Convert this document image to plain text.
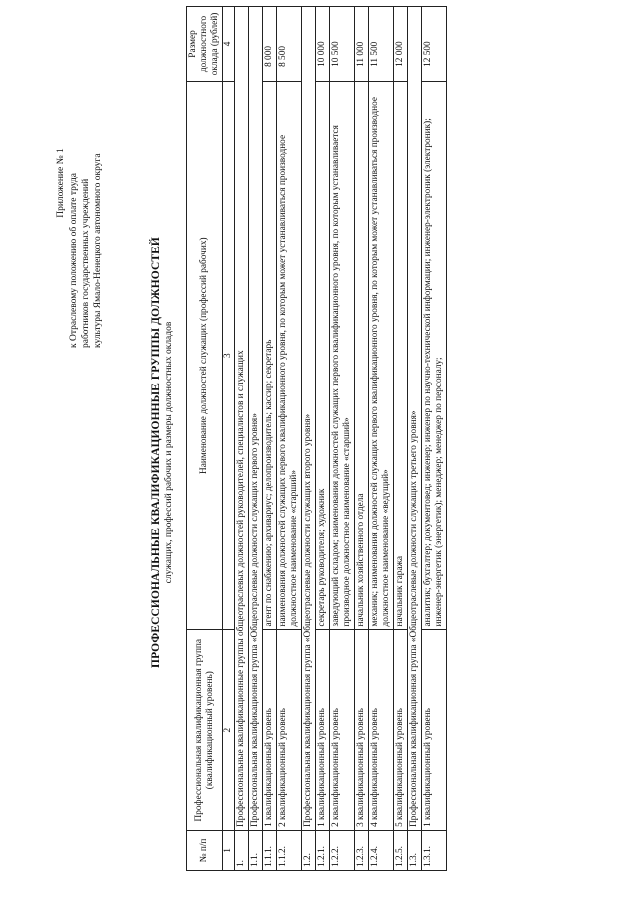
Приложение № 1 к Отраслевому положению об оплате труда работников государственных учреждений культуры Ямало-Ненецкого автономного округа	ПРОФЕССИОНАЛЬНЫЕ КВАЛИФИКАЦИОННЫЕ ГРУППЫ ДОЛЖНОСТЕЙ служащих, профессий рабочих и размеры должностных окладов
№ п/п	Профессиональная квалификационная группа (квалификационный уровень)	Наименование должностей служащих (профессий рабочих)	Размер должностного оклада (рублей)
1	2	3	4
1.	Профессиональные квалификационные группы общеотраслевых должностей руководителей, специалистов и служащих		
1.1.	Профессиональная квалификационная группа «Общеотраслевые должности служащих первого уровня»		
1.1.1.	1 квалификационный уровень	агент по снабжению; архивариус; делопроизводитель; кассир; секретарь	8 000
1.1.2.	2 квалификационный уровень	наименования должностей служащих первого квалификационного уровня, по которым может устанавливаться производное должностное наименование «старший»	8 500
1.2.	Профессиональная квалификационная группа «Общеотраслевые должности служащих второго уровня»		
1.2.1.	1 квалификационный уровень	секретарь руководителя; художник	10 000
1.2.2.	2 квалификационный уровень	заведующий складом; наименования должностей служащих первого квалификационного уровня, по которым устанавливается производное должностное наименование «старший»	10 500
1.2.3.	3 квалификационный уровень	начальник хозяйственного отдела	11 000
1.2.4.	4 квалификационный уровень	механик; наименования должностей служащих первого квалификационного уровня, по которым может устанавливаться производное должностное наименование «ведущий»	11 500
1.2.5.	5 квалификационный уровень	начальник гаража	12 000
1.3.	Профессиональная квалификационная группа «Общеотраслевые должности служащих третьего уровня»		
1.3.1.	1 квалификационный уровень	аналитик; бухгалтер; документовед; инженер; инженер по научно-технической информации; инженер-электроник (электроник); инженер-энергетик (энергетик); менеджер; менеджер по персоналу;	12 500
